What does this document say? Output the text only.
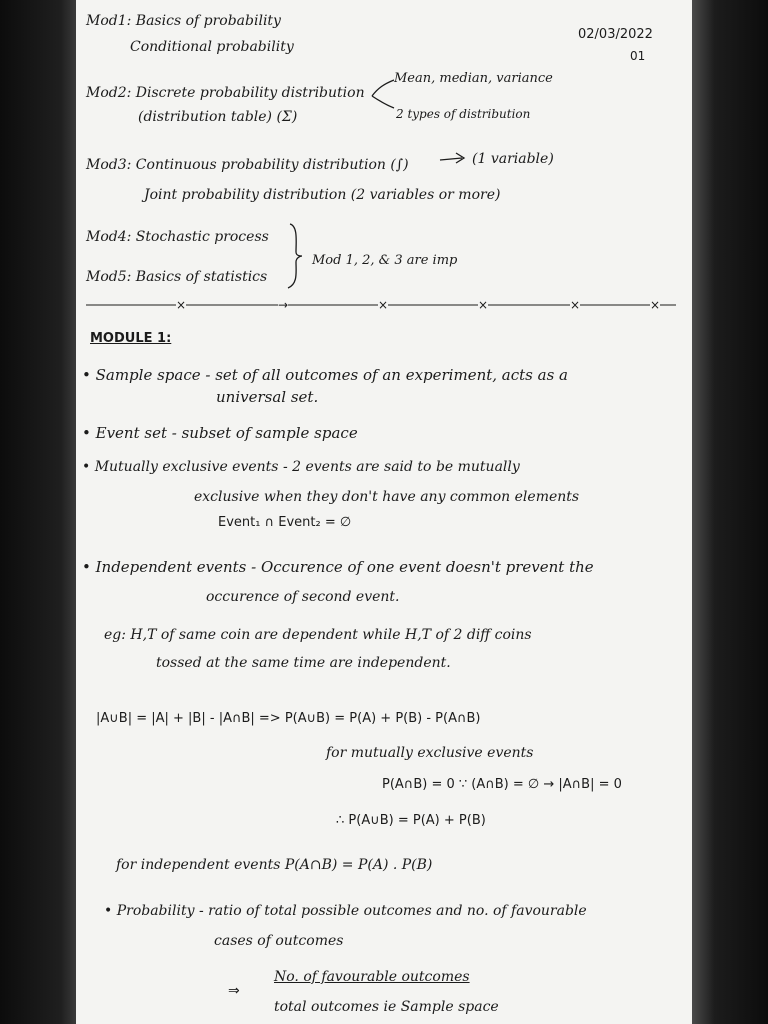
Mod1: Basics of probability
Conditional probability
02/03/2022
01
Mod2: Discrete probability distribution
(distribution table) (Σ)
Mean, median, variance
2 types of distribution
Mod3: Continuous probability distribution (∫)	(1 variable)
Joint probability distribution (2 variables or more)
Mod4: Stochastic process
Mod5: Basics of statistics
Mod 1, 2, & 3 are imp
×	→	×	×	×	×
MODULE 1:
• Sample space - set of all outcomes of an experiment, acts as a
universal set.
• Event set - subset of sample space
• Mutually exclusive events - 2 events are said to be mutually
exclusive when they don't have any common elements
Event₁ ∩ Event₂ = ∅
• Independent events - Occurence of one event doesn't prevent the
occurence of second event.
eg: H,T of same coin are dependent while H,T of 2 diff coins
tossed at the same time are independent.
|A∪B| = |A| + |B| - |A∩B| => P(A∪B) = P(A) + P(B) - P(A∩B)
for mutually exclusive events
P(A∩B) = 0 ∵ (A∩B) = ∅ → |A∩B| = 0
∴ P(A∪B) = P(A) + P(B)
for independent events P(A∩B) = P(A) . P(B)
• Probability - ratio of total possible outcomes and no. of favourable
cases of outcomes
⇒
No. of favourable outcomes
total outcomes ie Sample space
